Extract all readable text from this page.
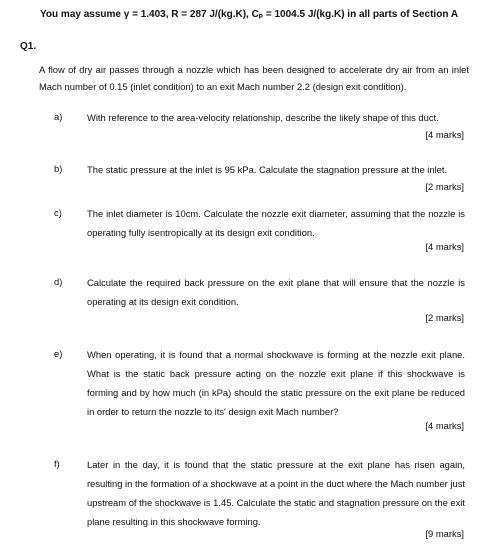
You may assume γ = 1.403, R = 287 J/(kg.K), Cₚ = 1004.5 J/(kg.K) in all parts of Section A
Q1.
A flow of dry air passes through a nozzle which has been designed to accelerate dry air from an inlet Mach number of 0.15 (inlet condition) to an exit Mach number 2.2 (design exit condition).
a)	With reference to the area-velocity relationship, describe the likely shape of this duct.
[4 marks]
b)	The static pressure at the inlet is 95 kPa. Calculate the stagnation pressure at the inlet.
[2 marks]
c)	The inlet diameter is 10cm. Calculate the nozzle exit diameter, assuming that the nozzle is operating fully isentropically at its design exit condition.
[4 marks]
d)	Calculate the required back pressure on the exit plane that will ensure that the nozzle is operating at its design exit condition.
[2 marks]
e)	When operating, it is found that a normal shockwave is forming at the nozzle exit plane. What is the static back pressure acting on the nozzle exit plane if this shockwave is forming and by how much (in kPa) should the static pressure on the exit plane be reduced in order to return the nozzle to its' design exit Mach number?
[4 marks]
f)	Later in the day, it is found that the static pressure at the exit plane has risen again, resulting in the formation of a shockwave at a point in the duct where the Mach number just upstream of the shockwave is 1.45. Calculate the static and stagnation pressure on the exit plane resulting in this shockwave forming.
[9 marks]
